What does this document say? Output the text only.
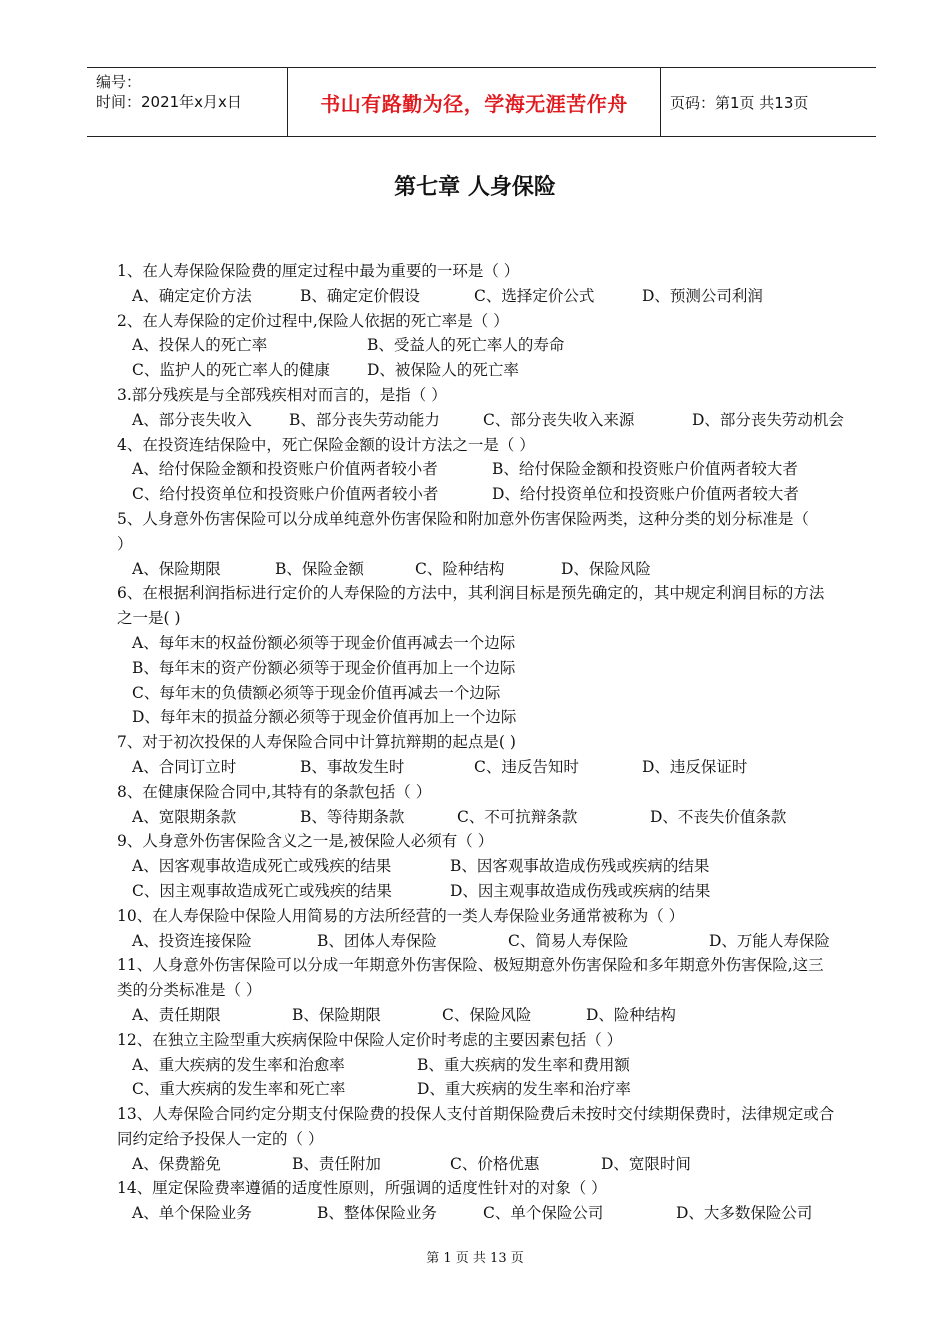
编号：
时间：2021年x月x日	书山有路勤为径，学海无涯苦作舟	页码：第1页 共13页
第七章 人身保险
1、在人寿保险保险费的厘定过程中最为重要的一环是（ ）
A、确定定价方法	B、确定定价假设	C、选择定价公式	D、预测公司利润
2、在人寿保险的定价过程中,保险人依据的死亡率是（ ）
A、投保人的死亡率	B、受益人的死亡率人的寿命
C、监护人的死亡率人的健康 D、被保险人的死亡率
3.部分残疾是与全部残疾相对而言的，是指（ ）
A、部分丧失收入 B、部分丧失劳动能力	C、部分丧失收入来源	D、部分丧失劳动机会
4、在投资连结保险中，死亡保险金额的设计方法之一是（ ）
A、给付保险金额和投资账户价值两者较小者	B、给付保险金额和投资账户价值两者较大者
C、给付投资单位和投资账户价值两者较小者	D、给付投资单位和投资账户价值两者较大者
5、人身意外伤害保险可以分成单纯意外伤害保险和附加意外伤害保险两类，这种分类的划分标准是（
）
A、保险期限	B、保险金额	C、险种结构	D、保险风险
6、在根据利润指标进行定价的人寿保险的方法中，其利润目标是预先确定的，其中规定利润目标的方法
之一是( )
A、每年末的权益份额必须等于现金价值再减去一个边际
B、每年末的资产份额必须等于现金价值再加上一个边际
C、每年末的负债额必须等于现金价值再减去一个边际
D、每年末的损益分额必须等于现金价值再加上一个边际
7、对于初次投保的人寿保险合同中计算抗辩期的起点是( )
A、合同订立时	B、事故发生时	C、违反告知时	D、违反保证时
8、在健康保险合同中,其特有的条款包括（ ）
A、宽限期条款	B、等待期条款	C、不可抗辩条款	D、不丧失价值条款
9、人身意外伤害保险含义之一是,被保险人必须有（ ）
A、因客观事故造成死亡或残疾的结果	B、因客观事故造成伤残或疾病的结果
C、因主观事故造成死亡或残疾的结果	D、因主观事故造成伤残或疾病的结果
10、在人寿保险中保险人用简易的方法所经营的一类人寿保险业务通常被称为（ ）
A、投资连接保险	B、团体人寿保险	C、简易人寿保险	D、万能人寿保险
11、人身意外伤害保险可以分成一年期意外伤害保险、极短期意外伤害保险和多年期意外伤害保险,这三
类的分类标准是（ ）
A、责任期限	B、保险期限	C、保险风险	D、险种结构
12、在独立主险型重大疾病保险中保险人定价时考虑的主要因素包括（ ）
A、重大疾病的发生率和治愈率	B、重大疾病的发生率和费用额
C、重大疾病的发生率和死亡率	D、重大疾病的发生率和治疗率
13、人寿保险合同约定分期支付保险费的投保人支付首期保险费后未按时交付续期保费时，法律规定或合
同约定给予投保人一定的（ ）
A、保费豁免	B、责任附加	C、价格优惠	D、宽限时间
14、厘定保险费率遵循的适度性原则，所强调的适度性针对的对象（ ）
A、单个保险业务	B、整体保险业务	C、单个保险公司	D、大多数保险公司
第 1 页 共 13 页
